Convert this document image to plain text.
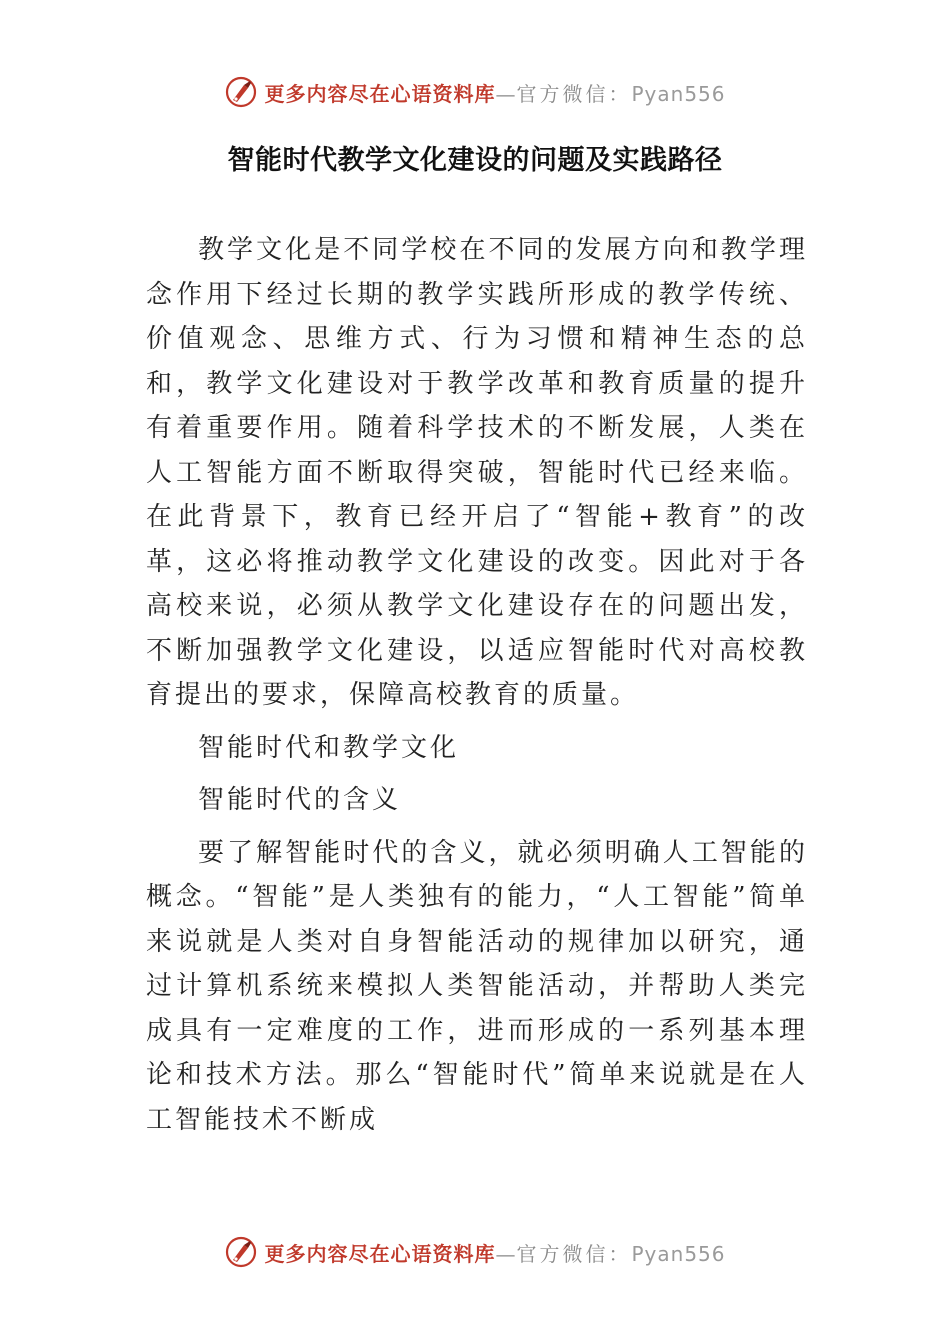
更多内容尽在心语资料库—官方微信：Pyan556
智能时代教学文化建设的问题及实践路径

教学文化是不同学校在不同的发展方向和教学理念作用下经过长期的教学实践所形成的教学传统、价值观念、思维方式、行为习惯和精神生态的总和，教学文化建设对于教学改革和教育质量的提升有着重要作用。随着科学技术的不断发展，人类在人工智能方面不断取得突破，智能时代已经来临。在此背景下，教育已经开启了“智能+教育”的改革，这必将推动教学文化建设的改变。因此对于各高校来说，必须从教学文化建设存在的问题出发，不断加强教学文化建设，以适应智能时代对高校教育提出的要求，保障高校教育的质量。

智能时代和教学文化

智能时代的含义

要了解智能时代的含义，就必须明确人工智能的概念。“智能”是人类独有的能力，“人工智能”简单来说就是人类对自身智能活动的规律加以研究，通过计算机系统来模拟人类智能活动，并帮助人类完成具有一定难度的工作，进而形成的一系列基本理论和技术方法。那么“智能时代”简单来说就是在人工智能技术不断成

更多内容尽在心语资料库—官方微信：Pyan556
